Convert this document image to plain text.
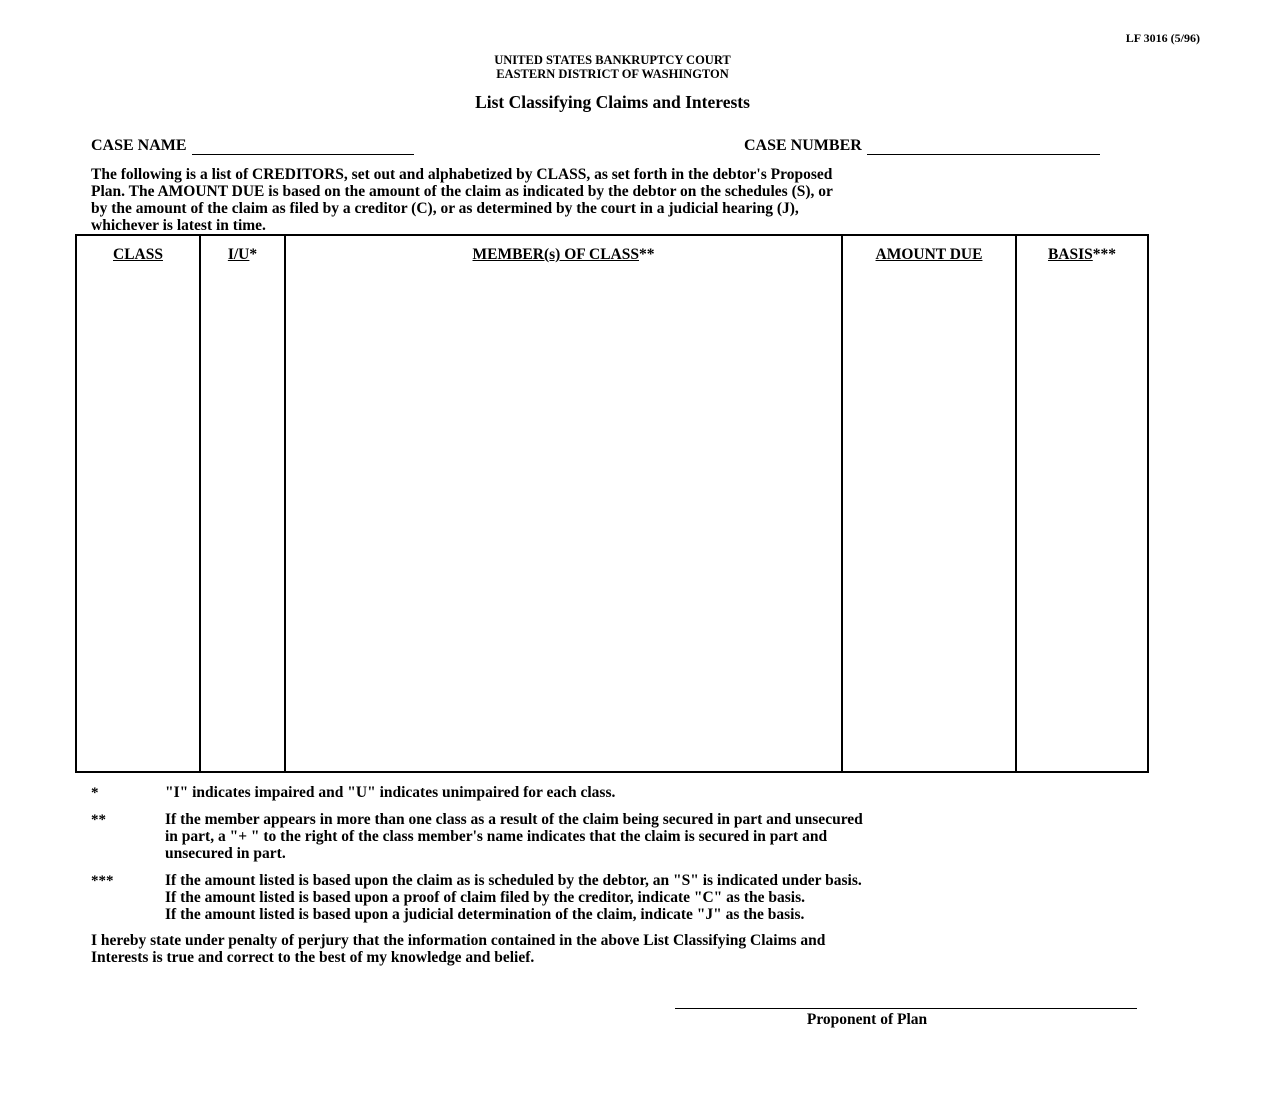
LF 3016 (5/96)
UNITED STATES BANKRUPTCY COURT
EASTERN DISTRICT OF WASHINGTON
List Classifying Claims and Interests
CASE NAME	CASE NUMBER
The following is a list of CREDITORS, set out and alphabetized by CLASS, as set forth in the debtor's Proposed
Plan. The AMOUNT DUE is based on the amount of the claim as indicated by the debtor on the schedules (S), or
by the amount of the claim as filed by a creditor (C), or as determined by the court in a judicial hearing (J),
whichever is latest in time.
CLASS	I/U*	MEMBER(s) OF CLASS**	AMOUNT DUE	BASIS***
*	"I" indicates impaired and "U" indicates unimpaired for each class.
**	If the member appears in more than one class as a result of the claim being secured in part and unsecured
in part, a "+ " to the right of the class member's name indicates that the claim is secured in part and
unsecured in part.
***	If the amount listed is based upon the claim as is scheduled by the debtor, an "S" is indicated under basis.
If the amount listed is based upon a proof of claim filed by the creditor, indicate "C" as the basis.
If the amount listed is based upon a judicial determination of the claim, indicate "J" as the basis.
I hereby state under penalty of perjury that the information contained in the above List Classifying Claims and
Interests is true and correct to the best of my knowledge and belief.
Proponent of Plan
